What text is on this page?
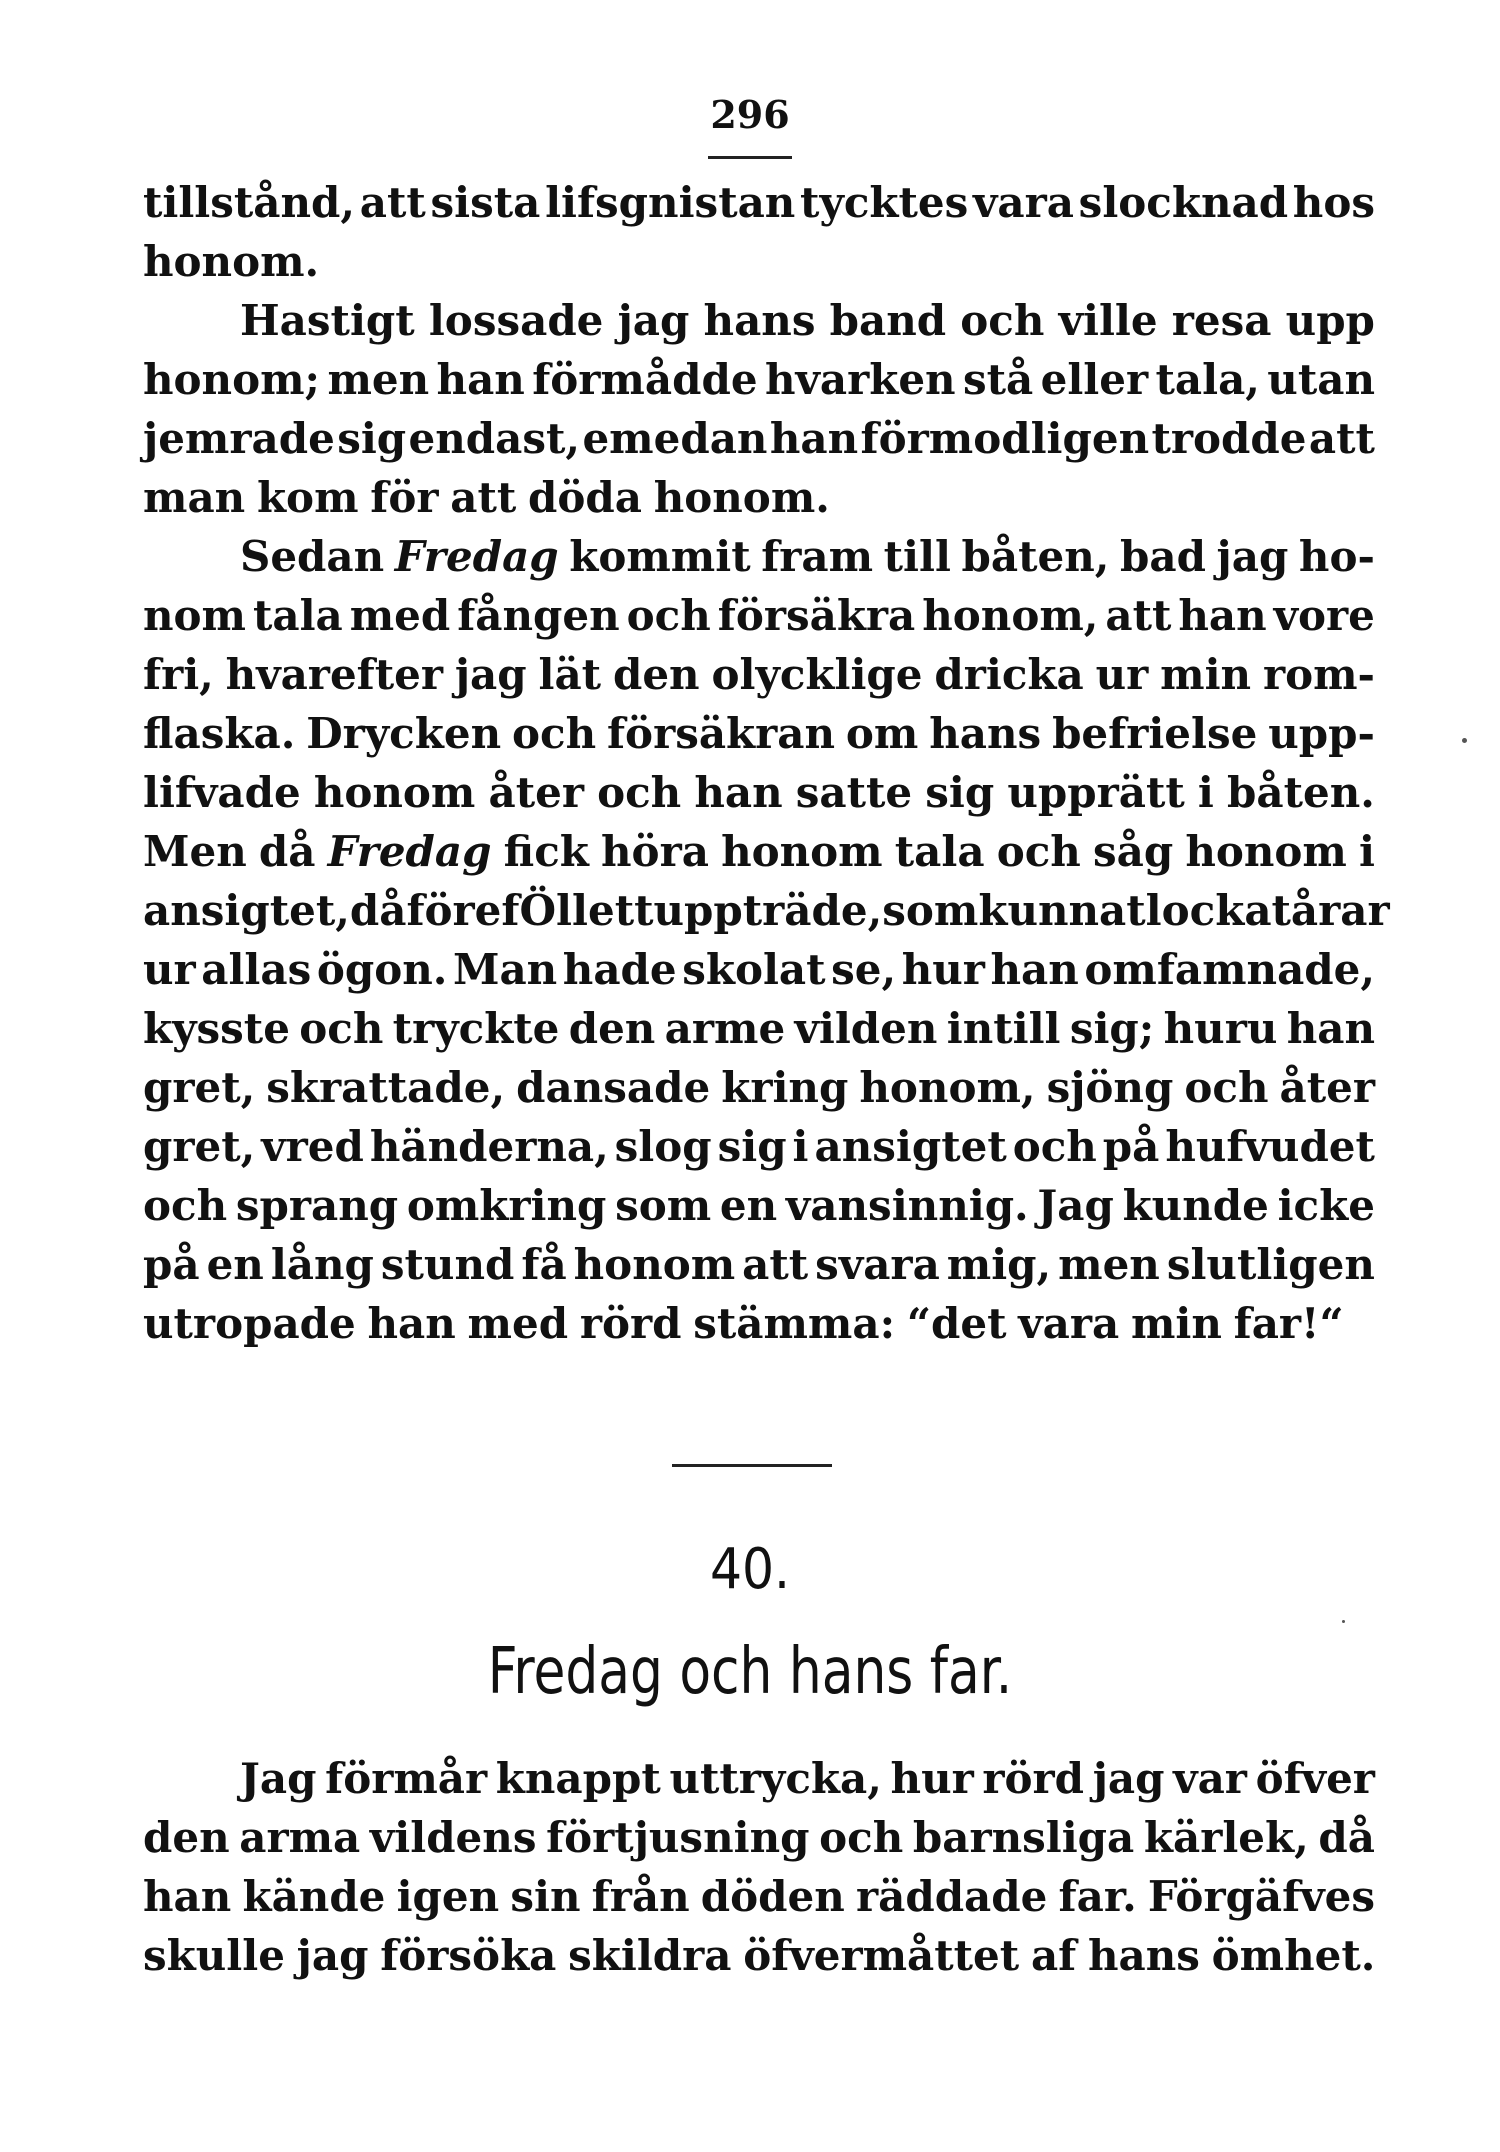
296
tillstånd, att sista lifsgnistan tycktes vara slocknad hos
honom.
Hastigt lossade jag hans band och ville resa upp
honom; men han förmådde hvarken stå eller tala, utan
jemrade sig endast, emedan han förmodligen trodde att
man kom för att döda honom.
Sedan Fredag kommit fram till båten, bad jag ho-
nom tala med fången och försäkra honom, att han vore
fri, hvarefter jag lät den olycklige dricka ur min rom-
flaska. Drycken och försäkran om hans befrielse upp-
lifvade honom åter och han satte sig upprätt i båten.
Men då Fredag fick höra honom tala och såg honom i
ansigtet, då förefÖll ett uppträde, som kunnat locka tårar
ur allas ögon. Man hade skolat se, hur han omfamnade,
kysste och tryckte den arme vilden intill sig; huru han
gret, skrattade, dansade kring honom, sjöng och åter
gret, vred händerna, slog sig i ansigtet och på hufvudet
och sprang omkring som en vansinnig. Jag kunde icke
på en lång stund få honom att svara mig, men slutligen
utropade han med rörd stämma: “det vara min far!“
40.
Fredag och hans far.
Jag förmår knappt uttrycka, hur rörd jag var öfver
den arma vildens förtjusning och barnsliga kärlek, då
han kände igen sin från döden räddade far. Förgäfves
skulle jag försöka skildra öfvermåttet af hans ömhet.
